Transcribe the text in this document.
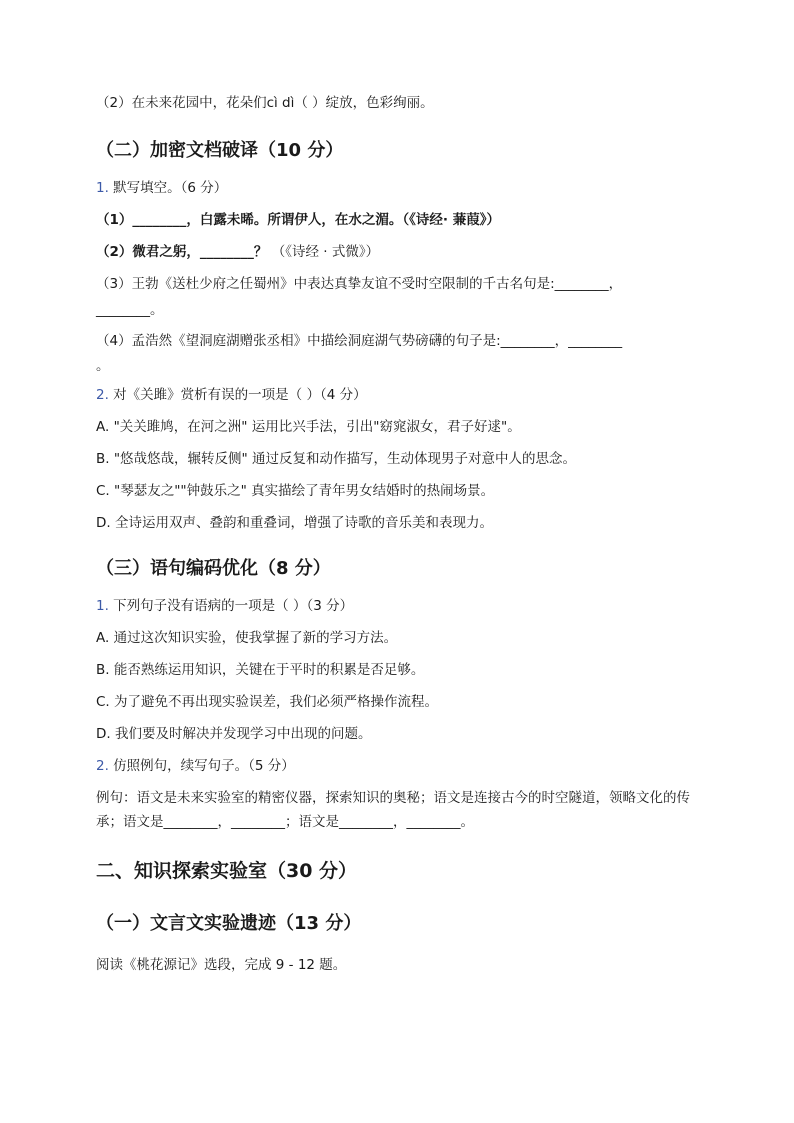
（2）在未来花园中，花朵们cì dì（ ）绽放，色彩绚丽。
（二）加密文档破译（10 分）
1. 默写填空。（6 分）
（1）________，白露未晞。所谓伊人，在水之湄。（《诗经· 蒹葭》）
（2）微君之躬，________？ （《诗经 · 式微》）
（3）王勃《送杜少府之任蜀州》中表达真挚友谊不受时空限制的千古名句是:________，
________。
（4）孟浩然《望洞庭湖赠张丞相》中描绘洞庭湖气势磅礴的句子是:________，________
。
2. 对《关雎》赏析有误的一项是（ ）（4 分）
A. "关关雎鸠，在河之洲" 运用比兴手法，引出"窈窕淑女，君子好逑"。
B. "悠哉悠哉，辗转反侧" 通过反复和动作描写，生动体现男子对意中人的思念。
C. "琴瑟友之""钟鼓乐之" 真实描绘了青年男女结婚时的热闹场景。
D. 全诗运用双声、叠韵和重叠词，增强了诗歌的音乐美和表现力。
（三）语句编码优化（8 分）
1. 下列句子没有语病的一项是（ ）（3 分）
A. 通过这次知识实验，使我掌握了新的学习方法。
B. 能否熟练运用知识，关键在于平时的积累是否足够。
C. 为了避免不再出现实验误差，我们必须严格操作流程。
D. 我们要及时解决并发现学习中出现的问题。
2. 仿照例句，续写句子。（5 分）
例句：语文是未来实验室的精密仪器，探索知识的奥秘；语文是连接古今的时空隧道，领略文化的传承；语文是________，________；语文是________，________。
二、知识探索实验室（30 分）
（一）文言文实验遗迹（13 分）
阅读《桃花源记》选段，完成 9 - 12 题。
